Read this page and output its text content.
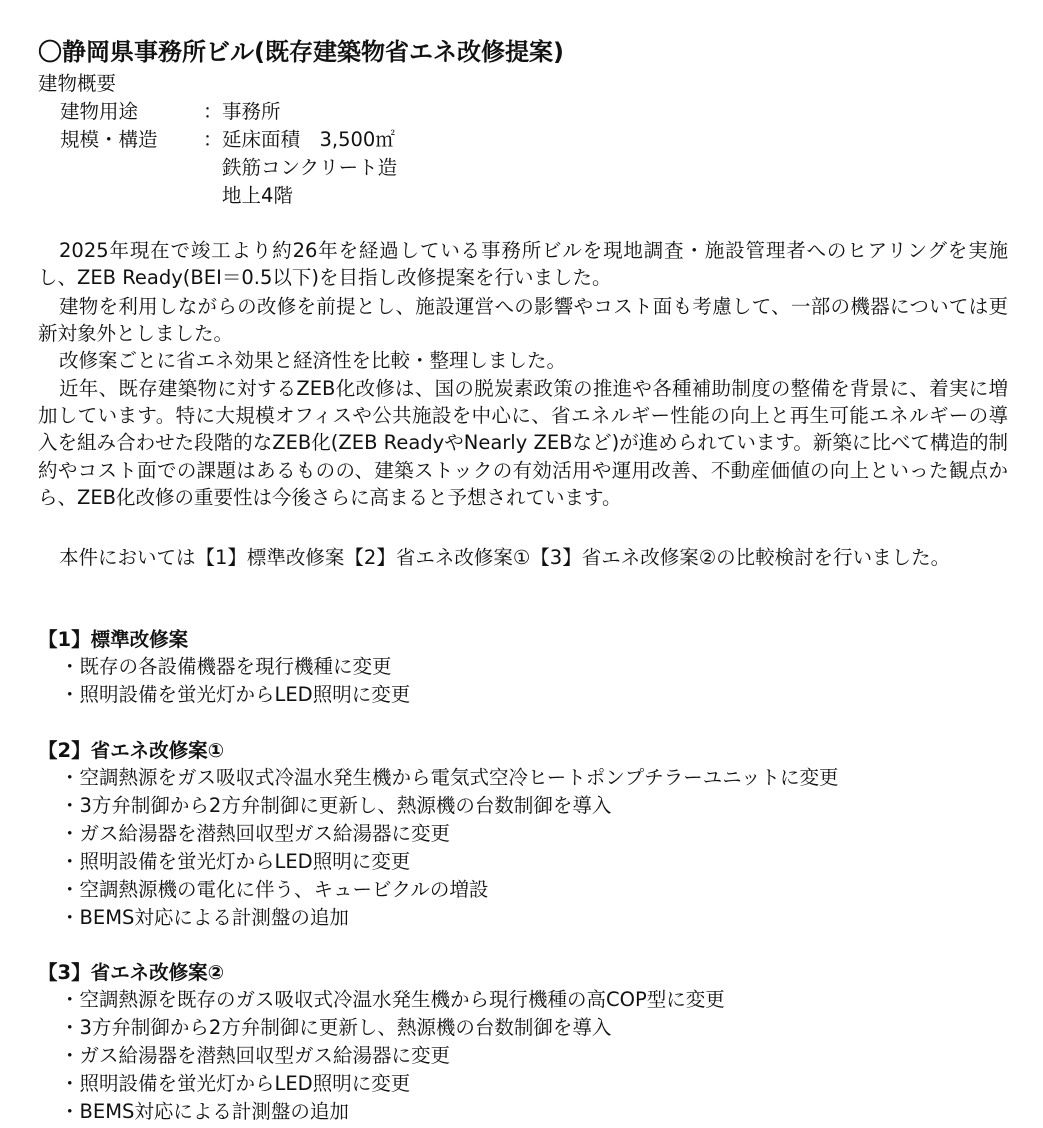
〇静岡県事務所ビル(既存建築物省エネ改修提案)
建物概要
建物用途	： 事務所
規模・構造 ： 延床面積　3,500㎡
鉄筋コンクリート造
地上4階
2025年現在で竣工より約26年を経過している事務所ビルを現地調査・施設管理者へのヒアリングを実施し、ZEB Ready(BEI＝0.5以下)を目指し改修提案を行いました。
建物を利用しながらの改修を前提とし、施設運営への影響やコスト面も考慮して、一部の機器については更新対象外としました。
改修案ごとに省エネ効果と経済性を比較・整理しました。
近年、既存建築物に対するZEB化改修は、国の脱炭素政策の推進や各種補助制度の整備を背景に、着実に増加しています。特に大規模オフィスや公共施設を中心に、省エネルギー性能の向上と再生可能エネルギーの導入を組み合わせた段階的なZEB化(ZEB ReadyやNearly ZEBなど)が進められています。新築に比べて構造的制約やコスト面での課題はあるものの、建築ストックの有効活用や運用改善、不動産価値の向上といった観点から、ZEB化改修の重要性は今後さらに高まると予想されています。
本件においては【1】標準改修案【2】省エネ改修案①【3】省エネ改修案②の比較検討を行いました。
【1】標準改修案
・既存の各設備機器を現行機種に変更
・照明設備を蛍光灯からLED照明に変更
【2】省エネ改修案①
・空調熱源をガス吸収式冷温水発生機から電気式空冷ヒートポンプチラーユニットに変更
・3方弁制御から2方弁制御に更新し、熱源機の台数制御を導入
・ガス給湯器を潜熱回収型ガス給湯器に変更
・照明設備を蛍光灯からLED照明に変更
・空調熱源機の電化に伴う、キュービクルの増設
・BEMS対応による計測盤の追加
【3】省エネ改修案②
・空調熱源を既存のガス吸収式冷温水発生機から現行機種の高COP型に変更
・3方弁制御から2方弁制御に更新し、熱源機の台数制御を導入
・ガス給湯器を潜熱回収型ガス給湯器に変更
・照明設備を蛍光灯からLED照明に変更
・BEMS対応による計測盤の追加
